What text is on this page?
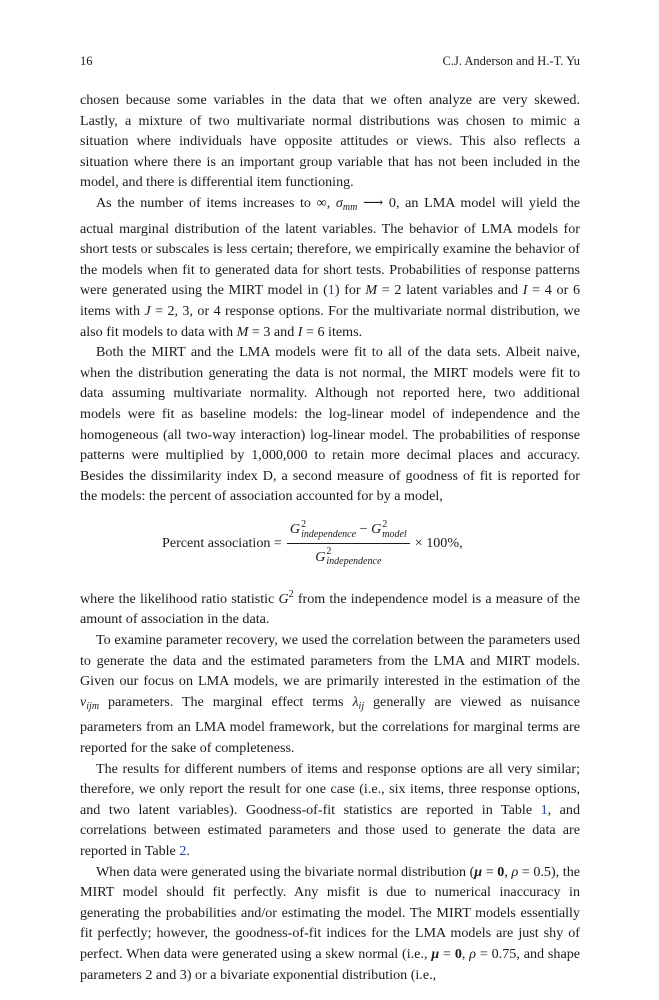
16	C.J. Anderson and H.-T. Yu

chosen because some variables in the data that we often analyze are very skewed. Lastly, a mixture of two multivariate normal distributions was chosen to mimic a situation where individuals have opposite attitudes or views. This also reflects a situation where there is an important group variable that has not been included in the model, and there is differential item functioning.

As the number of items increases to ∞, $\sigma_{mm}$ ⟶ 0, an LMA model will yield the actual marginal distribution of the latent variables. The behavior of LMA models for short tests or subscales is less certain; therefore, we empirically examine the behavior of the models when fit to generated data for short tests. Probabilities of response patterns were generated using the MIRT model in (1) for M = 2 latent variables and I = 4 or 6 items with J = 2, 3, or 4 response options. For the multivariate normal distribution, we also fit models to data with M = 3 and I = 6 items.

Both the MIRT and the LMA models were fit to all of the data sets. Albeit naive, when the distribution generating the data is not normal, the MIRT models were fit to data assuming multivariate normality. Although not reported here, two additional models were fit as baseline models: the log-linear model of independence and the homogeneous (all two-way interaction) log-linear model. The probabilities of response patterns were multiplied by 1,000,000 to retain more decimal places and accuracy. Besides the dissimilarity index D, a second measure of goodness of fit is reported for the models: the percent of association accounted for by a model,

Percent association = G 2
independence − G 2
model
G 2
independence × 100%,

where the likelihood ratio statistic $G^2$ from the independence model is a measure of the amount of association in the data.

To examine parameter recovery, we used the correlation between the parameters used to generate the data and the estimated parameters from the LMA and MIRT models. Given our focus on LMA models, we are primarily interested in the estimation of the $\nu_{ijm}$ parameters. The marginal effect terms $\lambda_{ij}$ generally are viewed as nuisance parameters from an LMA model framework, but the correlations for marginal terms are reported for the sake of completeness.

The results for different numbers of items and response options are all very similar; therefore, we only report the result for one case (i.e., six items, three response options, and two latent variables). Goodness-of-fit statistics are reported in Table 1, and correlations between estimated parameters and those used to generate the data are reported in Table 2.

When data were generated using the bivariate normal distribution (μ = 0, ρ = 0.5), the MIRT model should fit perfectly. Any misfit is due to numerical inaccuracy in generating the probabilities and/or estimating the model. The MIRT models essentially fit perfectly; however, the goodness-of-fit indices for the LMA models are just shy of perfect. When data were generated using a skew normal (i.e., μ = 0, ρ = 0.75, and shape parameters 2 and 3) or a bivariate exponential distribution (i.e.,
